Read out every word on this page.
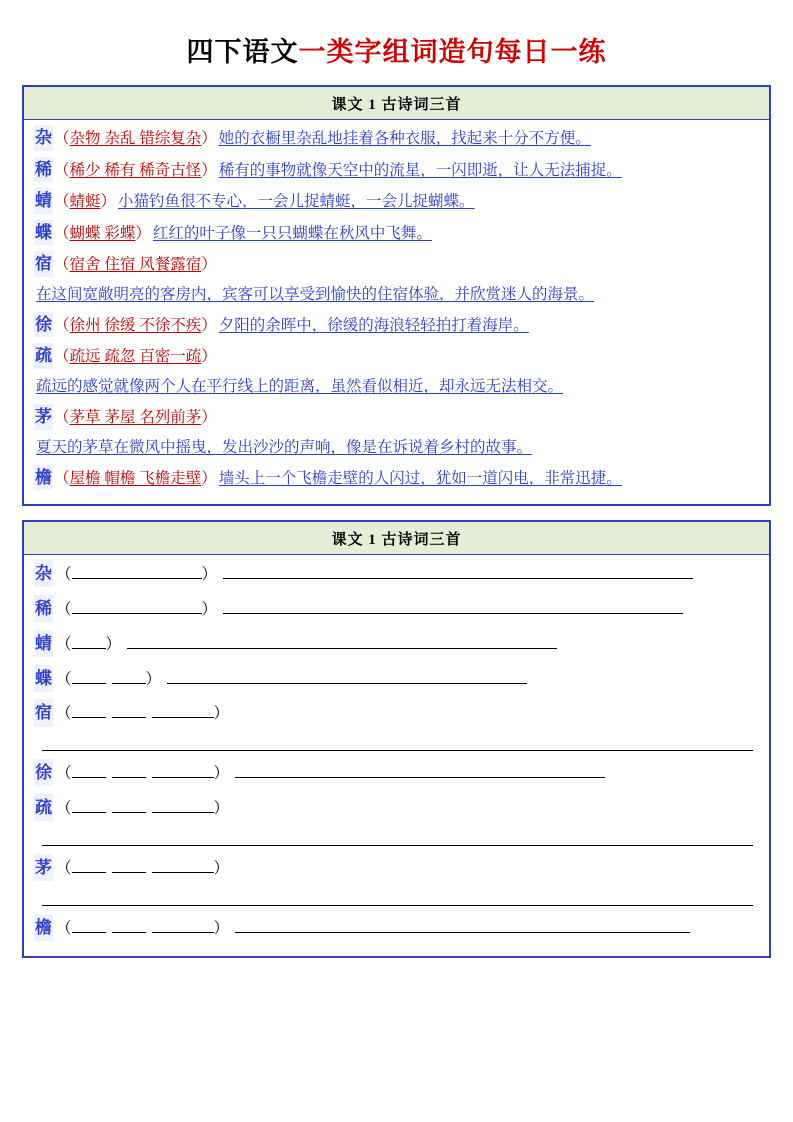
四下语文一类字组词造句每日一练
课文 1 古诗词三首
杂 （ 杂物 杂乱 错综复杂 ） 她的衣橱里杂乱地挂着各种衣服，找起来十分不方便。
稀 （ 稀少 稀有 稀奇古怪 ） 稀有的事物就像天空中的流星，一闪即逝，让人无法捕捉。
蜻 （ 蜻蜓 ） 小猫钓鱼很不专心，一会儿捉蜻蜓，一会儿捉蝴蝶。
蝶 （ 蝴蝶 彩蝶 ） 红红的叶子像一只只蝴蝶在秋风中飞舞。
宿 （ 宿舍 住宿 风餐露宿 ）
在这间宽敞明亮的客房内，宾客可以享受到愉快的住宿体验，并欣赏迷人的海景。
徐 （ 徐州 徐缓 不徐不疾 ） 夕阳的余晖中，徐缓的海浪轻轻拍打着海岸。
疏 （ 疏远 疏忽 百密一疏 ）
疏远的感觉就像两个人在平行线上的距离，虽然看似相近，却永远无法相交。
茅 （ 茅草 茅屋 名列前茅 ）
夏天的茅草在微风中摇曳，发出沙沙的声响，像是在诉说着乡村的故事。
檐 （ 屋檐 帽檐 飞檐走壁 ） 墙头上一个飞檐走壁的人闪过，犹如一道闪电，非常迅捷。
课文 1 古诗词三首
杂 （	）
稀 （	）
蜻 （ ）
蝶 （	）
宿 （	）
徐 （	）
疏 （	）
茅 （	）
檐 （	）
